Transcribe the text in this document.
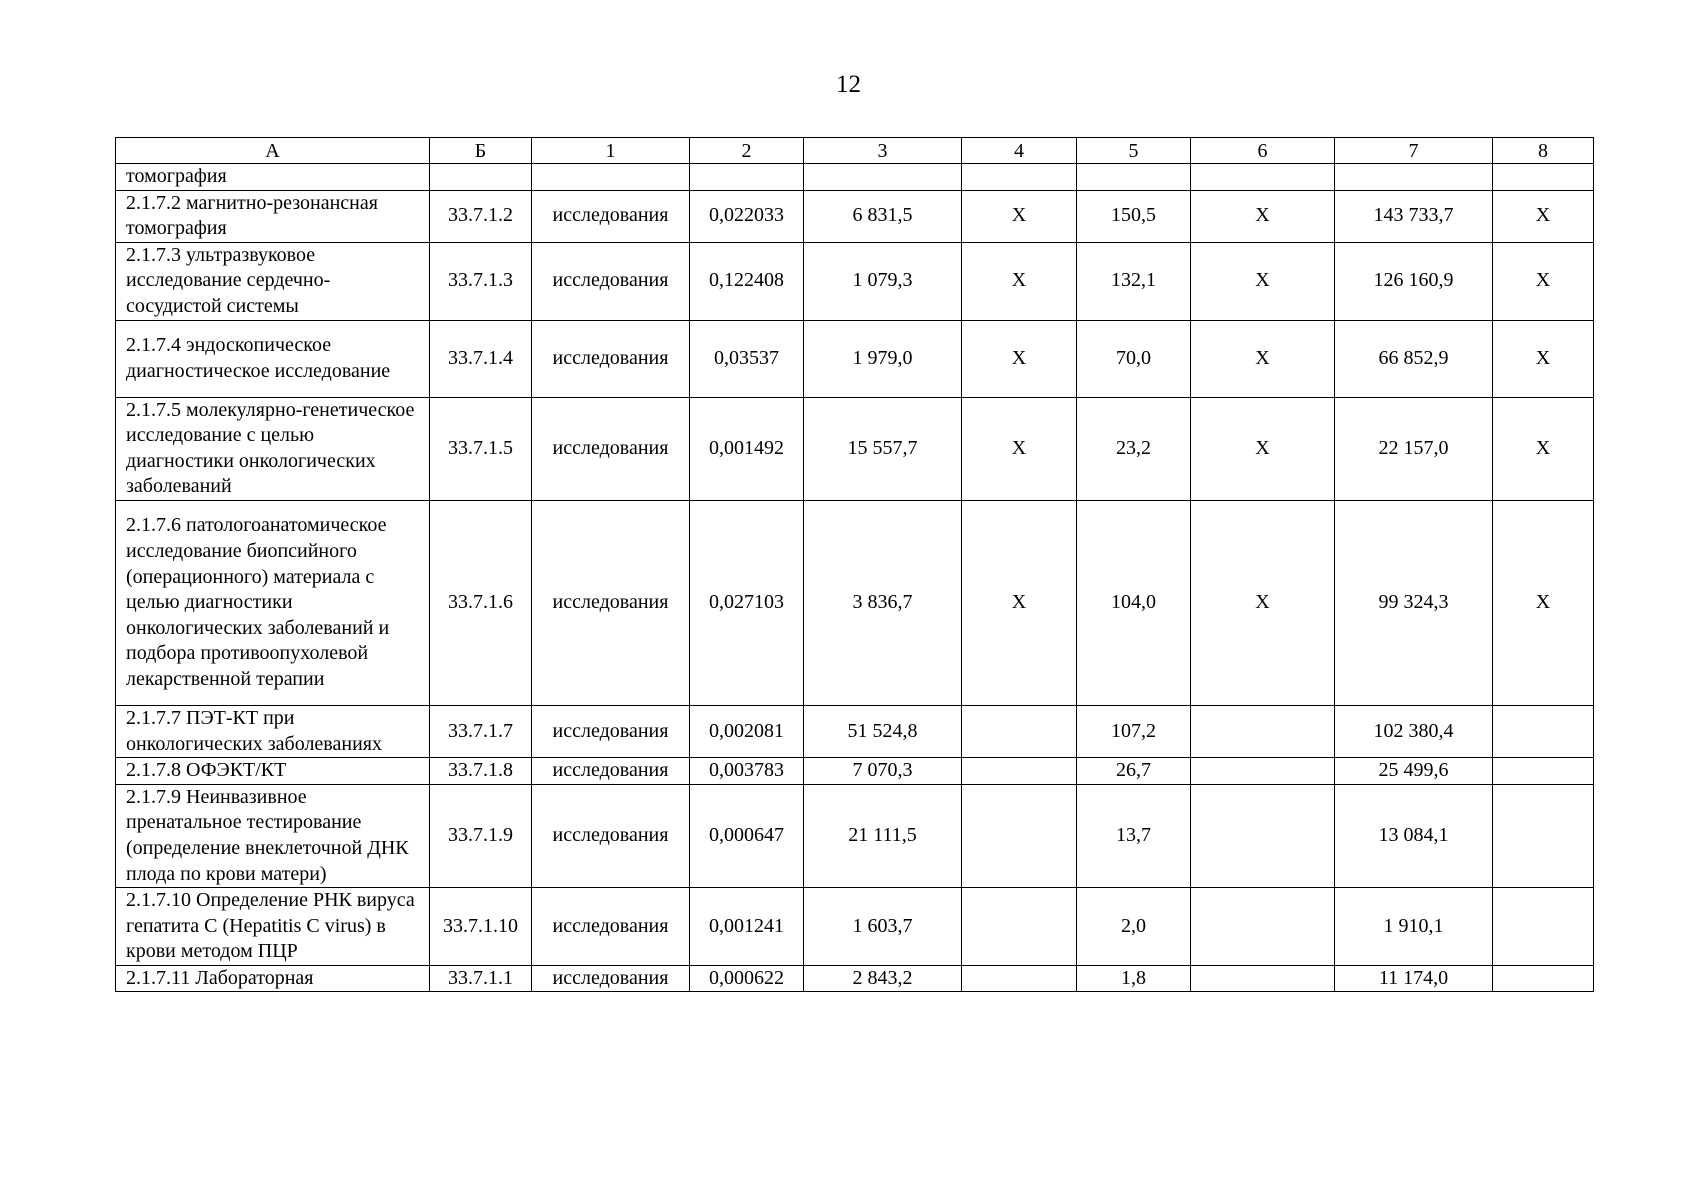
12
А	Б	1	2	3	4	5	6	7	8
томография									
2.1.7.2 магнитно-резонансная томография	33.7.1.2	исследования	0,022033	6 831,5	Х	150,5	Х	143 733,7	Х
2.1.7.3 ультразвуковое исследование сердечно-сосудистой системы	33.7.1.3	исследования	0,122408	1 079,3	Х	132,1	Х	126 160,9	Х
2.1.7.4 эндоскопическое диагностическое исследование	33.7.1.4	исследования	0,03537	1 979,0	Х	70,0	Х	66 852,9	Х
2.1.7.5 молекулярно-генетическое исследование с целью диагностики онкологических заболеваний	33.7.1.5	исследования	0,001492	15 557,7	Х	23,2	Х	22 157,0	Х
2.1.7.6 патологоанатомическое исследование биопсийного (операционного) материала с целью диагностики онкологических заболеваний и подбора противоопухолевой лекарственной терапии	33.7.1.6	исследования	0,027103	3 836,7	Х	104,0	Х	99 324,3	Х
2.1.7.7 ПЭТ-КТ при онкологических заболеваниях	33.7.1.7	исследования	0,002081	51 524,8		107,2		102 380,4	
2.1.7.8 ОФЭКТ/КТ	33.7.1.8	исследования	0,003783	7 070,3		26,7		25 499,6	
2.1.7.9 Неинвазивное пренатальное тестирование (определение внеклеточной ДНК плода по крови матери)	33.7.1.9	исследования	0,000647	21 111,5		13,7		13 084,1	
2.1.7.10 Определение РНК вируса гепатита С (Hepatitis C virus) в крови методом ПЦР	33.7.1.10	исследования	0,001241	1 603,7		2,0		1 910,1	
2.1.7.11 Лабораторная	33.7.1.1	исследования	0,000622	2 843,2		1,8		11 174,0	
